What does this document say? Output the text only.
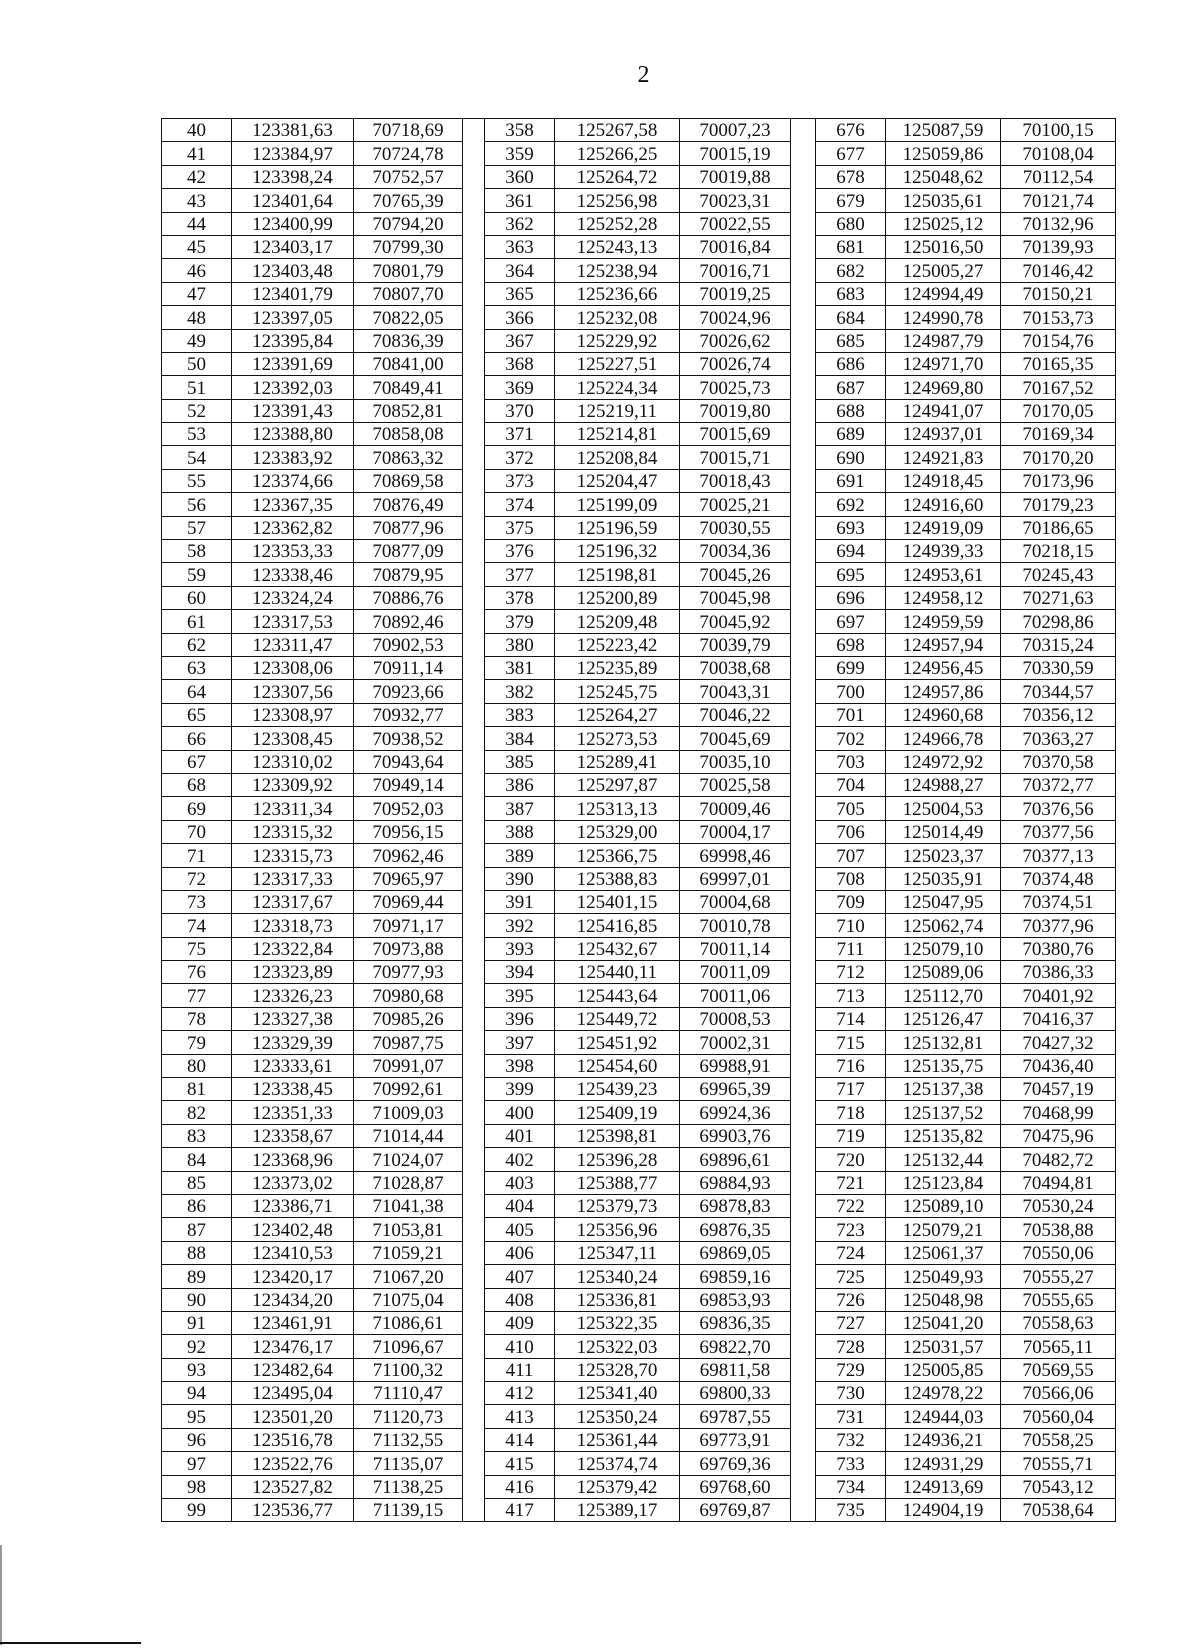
2
40	123381,63	70718,69		358	125267,58	70007,23		676	125087,59	70100,15
41	123384,97	70724,78		359	125266,25	70015,19		677	125059,86	70108,04
42	123398,24	70752,57		360	125264,72	70019,88		678	125048,62	70112,54
43	123401,64	70765,39		361	125256,98	70023,31		679	125035,61	70121,74
44	123400,99	70794,20		362	125252,28	70022,55		680	125025,12	70132,96
45	123403,17	70799,30		363	125243,13	70016,84		681	125016,50	70139,93
46	123403,48	70801,79		364	125238,94	70016,71		682	125005,27	70146,42
47	123401,79	70807,70		365	125236,66	70019,25		683	124994,49	70150,21
48	123397,05	70822,05		366	125232,08	70024,96		684	124990,78	70153,73
49	123395,84	70836,39		367	125229,92	70026,62		685	124987,79	70154,76
50	123391,69	70841,00		368	125227,51	70026,74		686	124971,70	70165,35
51	123392,03	70849,41		369	125224,34	70025,73		687	124969,80	70167,52
52	123391,43	70852,81		370	125219,11	70019,80		688	124941,07	70170,05
53	123388,80	70858,08		371	125214,81	70015,69		689	124937,01	70169,34
54	123383,92	70863,32		372	125208,84	70015,71		690	124921,83	70170,20
55	123374,66	70869,58		373	125204,47	70018,43		691	124918,45	70173,96
56	123367,35	70876,49		374	125199,09	70025,21		692	124916,60	70179,23
57	123362,82	70877,96		375	125196,59	70030,55		693	124919,09	70186,65
58	123353,33	70877,09		376	125196,32	70034,36		694	124939,33	70218,15
59	123338,46	70879,95		377	125198,81	70045,26		695	124953,61	70245,43
60	123324,24	70886,76		378	125200,89	70045,98		696	124958,12	70271,63
61	123317,53	70892,46		379	125209,48	70045,92		697	124959,59	70298,86
62	123311,47	70902,53		380	125223,42	70039,79		698	124957,94	70315,24
63	123308,06	70911,14		381	125235,89	70038,68		699	124956,45	70330,59
64	123307,56	70923,66		382	125245,75	70043,31		700	124957,86	70344,57
65	123308,97	70932,77		383	125264,27	70046,22		701	124960,68	70356,12
66	123308,45	70938,52		384	125273,53	70045,69		702	124966,78	70363,27
67	123310,02	70943,64		385	125289,41	70035,10		703	124972,92	70370,58
68	123309,92	70949,14		386	125297,87	70025,58		704	124988,27	70372,77
69	123311,34	70952,03		387	125313,13	70009,46		705	125004,53	70376,56
70	123315,32	70956,15		388	125329,00	70004,17		706	125014,49	70377,56
71	123315,73	70962,46		389	125366,75	69998,46		707	125023,37	70377,13
72	123317,33	70965,97		390	125388,83	69997,01		708	125035,91	70374,48
73	123317,67	70969,44		391	125401,15	70004,68		709	125047,95	70374,51
74	123318,73	70971,17		392	125416,85	70010,78		710	125062,74	70377,96
75	123322,84	70973,88		393	125432,67	70011,14		711	125079,10	70380,76
76	123323,89	70977,93		394	125440,11	70011,09		712	125089,06	70386,33
77	123326,23	70980,68		395	125443,64	70011,06		713	125112,70	70401,92
78	123327,38	70985,26		396	125449,72	70008,53		714	125126,47	70416,37
79	123329,39	70987,75		397	125451,92	70002,31		715	125132,81	70427,32
80	123333,61	70991,07		398	125454,60	69988,91		716	125135,75	70436,40
81	123338,45	70992,61		399	125439,23	69965,39		717	125137,38	70457,19
82	123351,33	71009,03		400	125409,19	69924,36		718	125137,52	70468,99
83	123358,67	71014,44		401	125398,81	69903,76		719	125135,82	70475,96
84	123368,96	71024,07		402	125396,28	69896,61		720	125132,44	70482,72
85	123373,02	71028,87		403	125388,77	69884,93		721	125123,84	70494,81
86	123386,71	71041,38		404	125379,73	69878,83		722	125089,10	70530,24
87	123402,48	71053,81		405	125356,96	69876,35		723	125079,21	70538,88
88	123410,53	71059,21		406	125347,11	69869,05		724	125061,37	70550,06
89	123420,17	71067,20		407	125340,24	69859,16		725	125049,93	70555,27
90	123434,20	71075,04		408	125336,81	69853,93		726	125048,98	70555,65
91	123461,91	71086,61		409	125322,35	69836,35		727	125041,20	70558,63
92	123476,17	71096,67		410	125322,03	69822,70		728	125031,57	70565,11
93	123482,64	71100,32		411	125328,70	69811,58		729	125005,85	70569,55
94	123495,04	71110,47		412	125341,40	69800,33		730	124978,22	70566,06
95	123501,20	71120,73		413	125350,24	69787,55		731	124944,03	70560,04
96	123516,78	71132,55		414	125361,44	69773,91		732	124936,21	70558,25
97	123522,76	71135,07		415	125374,74	69769,36		733	124931,29	70555,71
98	123527,82	71138,25		416	125379,42	69768,60		734	124913,69	70543,12
99	123536,77	71139,15		417	125389,17	69769,87		735	124904,19	70538,64
